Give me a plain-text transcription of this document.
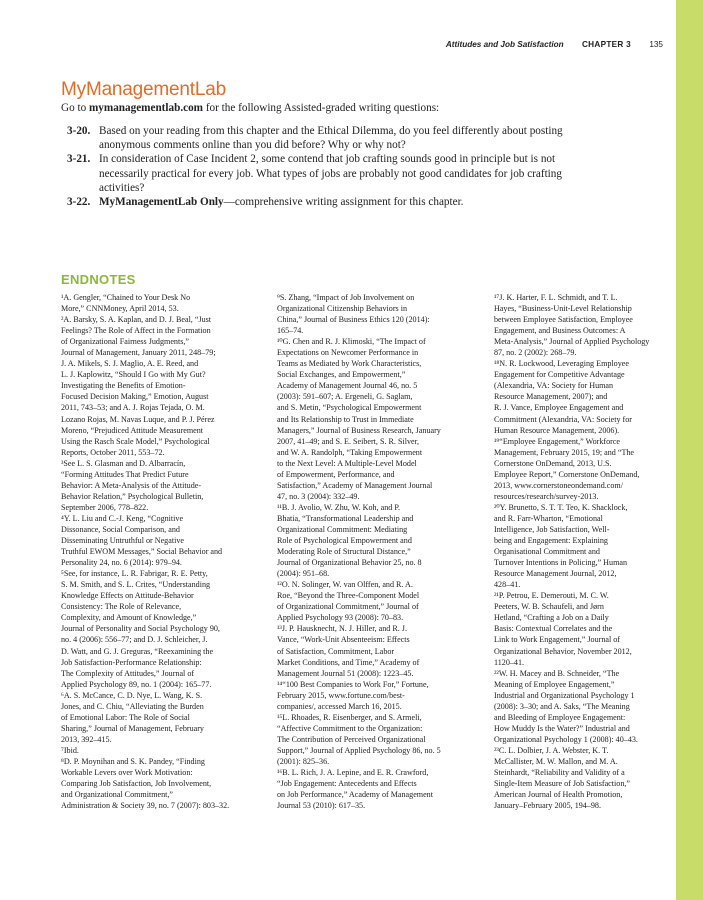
Attitudes and Job Satisfaction CHAPTER 3 135
MyManagementLab
Go to mymanagementlab.com for the following Assisted-graded writing questions:
3-20. Based on your reading from this chapter and the Ethical Dilemma, do you feel differently about posting
anonymous comments online than you did before? Why or why not?
3-21. In consideration of Case Incident 2, some contend that job crafting sounds good in principle but is not
necessarily practical for every job. What types of jobs are probably not good candidates for job crafting
activities?
3-22. MyManagementLab Only—comprehensive writing assignment for this chapter.
ENDNOTES
¹A. Gengler, “Chained to Your Desk No
More,” CNNMoney, April 2014, 53.
²A. Barsky, S. A. Kaplan, and D. J. Beal, “Just
Feelings? The Role of Affect in the Formation
of Organizational Fairness Judgments,”
Journal of Management, January 2011, 248–79;
J. A. Mikels, S. J. Maglio, A. E. Reed, and
L. J. Kaplowitz, “Should I Go with My Gut?
Investigating the Benefits of Emotion-
Focused Decision Making,” Emotion, August
2011, 743–53; and A. J. Rojas Tejada, O. M.
Lozano Rojas, M. Navas Luque, and P. J. Pérez
Moreno, “Prejudiced Attitude Measurement
Using the Rasch Scale Model,” Psychological
Reports, October 2011, 553–72.
³See L. S. Glasman and D. Albarracín,
“Forming Attitudes That Predict Future
Behavior: A Meta-Analysis of the Attitude-
Behavior Relation,” Psychological Bulletin,
September 2006, 778–822.
⁴Y. L. Liu and C.-J. Keng, “Cognitive
Dissonance, Social Comparison, and
Disseminating Untruthful or Negative
Truthful EWOM Messages,” Social Behavior and
Personality 24, no. 6 (2014): 979–94.
⁵See, for instance, L. R. Fabrigar, R. E. Petty,
S. M. Smith, and S. L. Crites, “Understanding
Knowledge Effects on Attitude-Behavior
Consistency: The Role of Relevance,
Complexity, and Amount of Knowledge,”
Journal of Personality and Social Psychology 90,
no. 4 (2006): 556–77; and D. J. Schleicher, J.
D. Watt, and G. J. Greguras, “Reexamining the
Job Satisfaction-Performance Relationship:
The Complexity of Attitudes,” Journal of
Applied Psychology 89, no. 1 (2004): 165–77.
⁶A. S. McCance, C. D. Nye, L. Wang, K. S.
Jones, and C. Chiu, “Alleviating the Burden
of Emotional Labor: The Role of Social
Sharing,” Journal of Management, February
2013, 392–415.
⁷Ibid.
⁸D. P. Moynihan and S. K. Pandey, “Finding
Workable Levers over Work Motivation:
Comparing Job Satisfaction, Job Involvement,
and Organizational Commitment,”
Administration & Society 39, no. 7 (2007): 803–32.
⁹S. Zhang, “Impact of Job Involvement on
Organizational Citizenship Behaviors in
China,” Journal of Business Ethics 120 (2014):
165–74.
¹⁰G. Chen and R. J. Klimoski, “The Impact of
Expectations on Newcomer Performance in
Teams as Mediated by Work Characteristics,
Social Exchanges, and Empowerment,”
Academy of Management Journal 46, no. 5
(2003): 591–607; A. Ergeneli, G. Saglam,
and S. Metin, “Psychological Empowerment
and Its Relationship to Trust in Immediate
Managers,” Journal of Business Research, January
2007, 41–49; and S. E. Seibert, S. R. Silver,
and W. A. Randolph, “Taking Empowerment
to the Next Level: A Multiple-Level Model
of Empowerment, Performance, and
Satisfaction,” Academy of Management Journal
47, no. 3 (2004): 332–49.
¹¹B. J. Avolio, W. Zhu, W. Koh, and P.
Bhatia, “Transformational Leadership and
Organizational Commitment: Mediating
Role of Psychological Empowerment and
Moderating Role of Structural Distance,”
Journal of Organizational Behavior 25, no. 8
(2004): 951–68.
¹²O. N. Solinger, W. van Olffen, and R. A.
Roe, “Beyond the Three-Component Model
of Organizational Commitment,” Journal of
Applied Psychology 93 (2008): 70–83.
¹³J. P. Hausknecht, N. J. Hiller, and R. J.
Vance, “Work-Unit Absenteeism: Effects
of Satisfaction, Commitment, Labor
Market Conditions, and Time,” Academy of
Management Journal 51 (2008): 1223–45.
¹⁴“100 Best Companies to Work For,” Fortune,
February 2015, www.fortune.com/best-
companies/, accessed March 16, 2015.
¹⁵L. Rhoades, R. Eisenberger, and S. Armeli,
“Affective Commitment to the Organization:
The Contribution of Perceived Organizational
Support,” Journal of Applied Psychology 86, no. 5
(2001): 825–36.
¹⁶B. L. Rich, J. A. Lepine, and E. R. Crawford,
“Job Engagement: Antecedents and Effects
on Job Performance,” Academy of Management
Journal 53 (2010): 617–35.
¹⁷J. K. Harter, F. L. Schmidt, and T. L.
Hayes, “Business-Unit-Level Relationship
between Employee Satisfaction, Employee
Engagement, and Business Outcomes: A
Meta-Analysis,” Journal of Applied Psychology
87, no. 2 (2002): 268–79.
¹⁸N. R. Lockwood, Leveraging Employee
Engagement for Competitive Advantage
(Alexandria, VA: Society for Human
Resource Management, 2007); and
R. J. Vance, Employee Engagement and
Commitment (Alexandria, VA: Society for
Human Resource Management, 2006).
¹⁹“Employee Engagement,” Workforce
Management, February 2015, 19; and “The
Cornerstone OnDemand, 2013, U.S.
Employee Report,” Cornerstone OnDemand,
2013, www.cornerstoneondemand.com/
resources/research/survey-2013.
²⁰Y. Brunetto, S. T. T. Teo, K. Shacklock,
and R. Farr-Wharton, “Emotional
Intelligence, Job Satisfaction, Well-
being and Engagement: Explaining
Organisational Commitment and
Turnover Intentions in Policing,” Human
Resource Management Journal, 2012,
428–41.
²¹P. Petrou, E. Demerouti, M. C. W.
Peeters, W. B. Schaufeli, and Jørn
Hetland, “Crafting a Job on a Daily
Basis: Contextual Correlates and the
Link to Work Engagement,” Journal of
Organizational Behavior, November 2012,
1120–41.
²²W. H. Macey and B. Schneider, “The
Meaning of Employee Engagement,”
Industrial and Organizational Psychology 1
(2008): 3–30; and A. Saks, “The Meaning
and Bleeding of Employee Engagement:
How Muddy Is the Water?” Industrial and
Organizational Psychology 1 (2008): 40–43.
²³C. L. Dolbier, J. A. Webster, K. T.
McCallister, M. W. Mallon, and M. A.
Steinhardt, “Reliability and Validity of a
Single-Item Measure of Job Satisfaction,”
American Journal of Health Promotion,
January–February 2005, 194–98.
